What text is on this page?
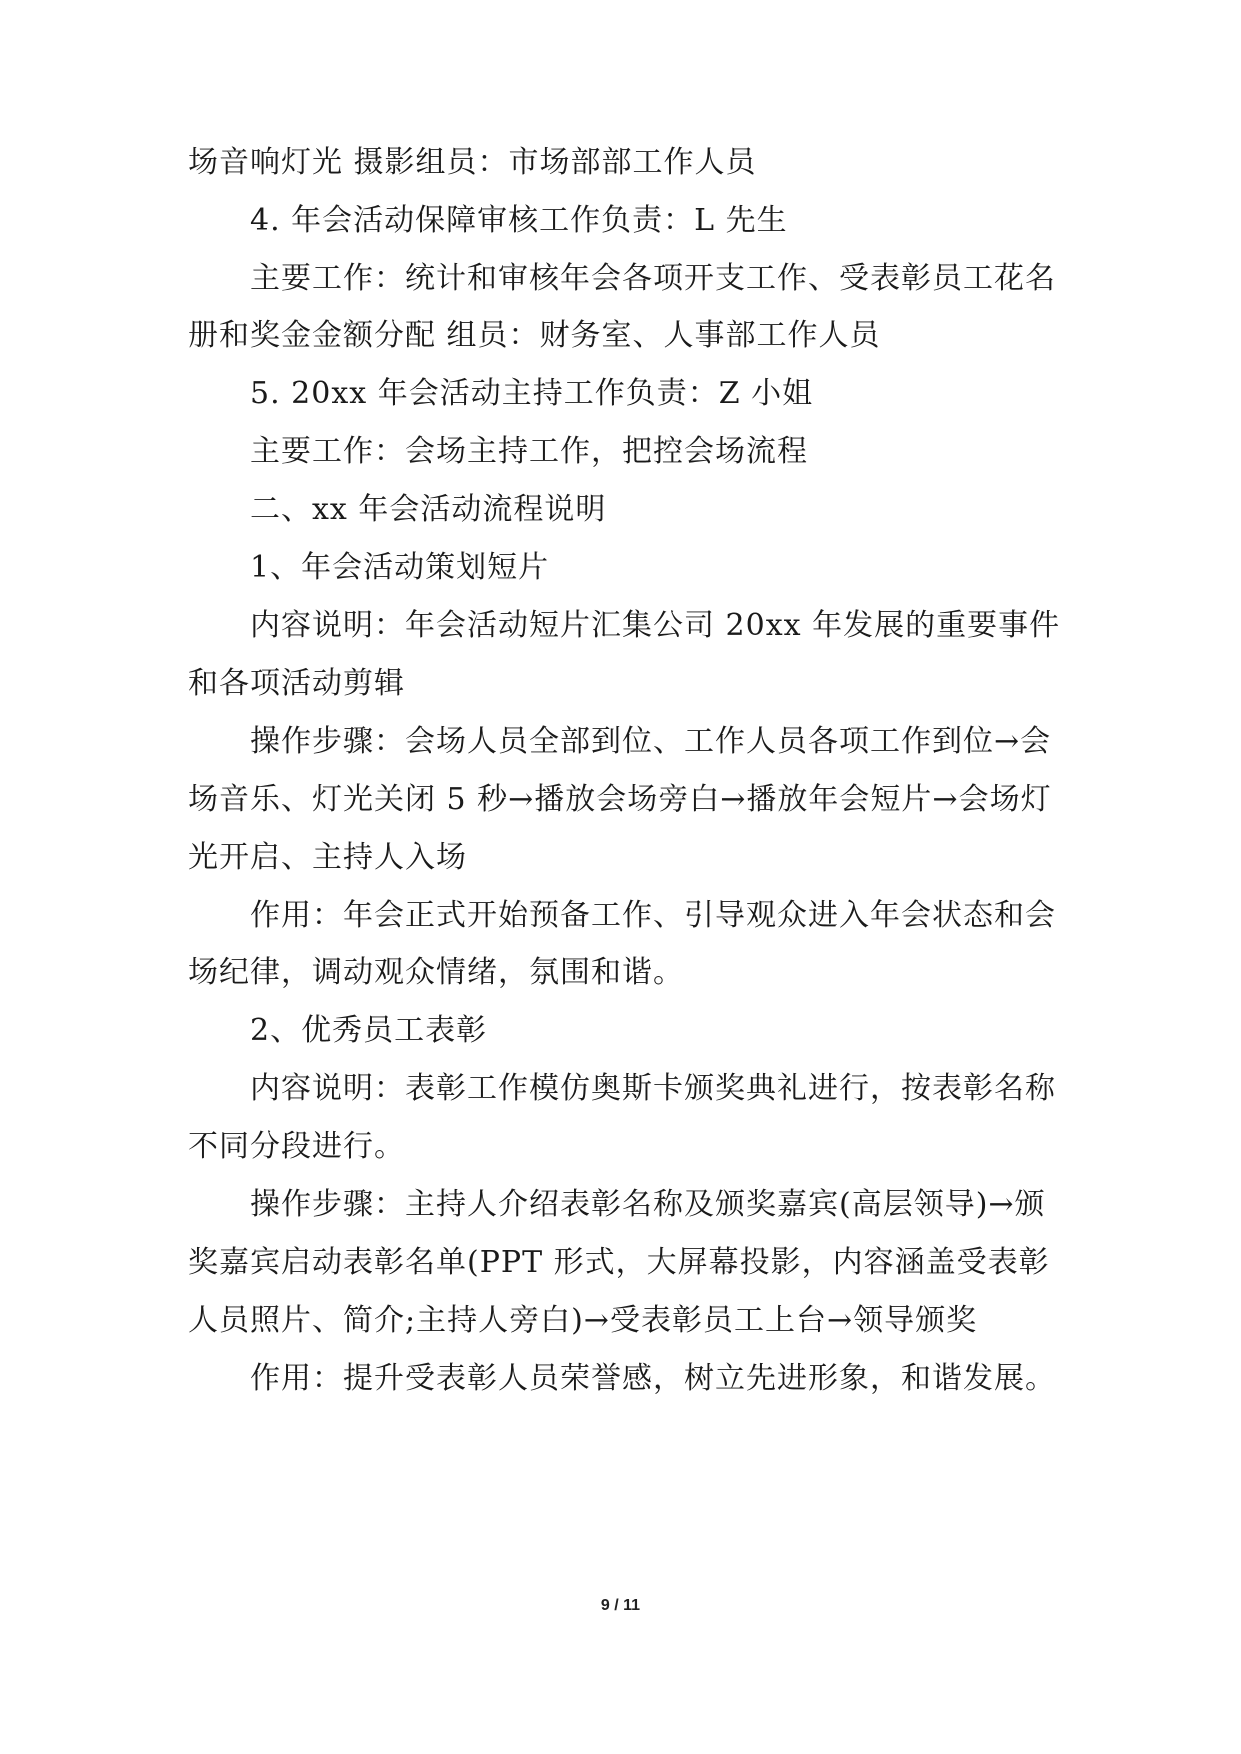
场音响灯光 摄影组员：市场部部工作人员
4. 年会活动保障审核工作负责：L 先生
主要工作：统计和审核年会各项开支工作、受表彰员工花名
册和奖金金额分配 组员：财务室、人事部工作人员
5. 20xx 年会活动主持工作负责：Z 小姐
主要工作：会场主持工作，把控会场流程
二、xx 年会活动流程说明
1、年会活动策划短片
内容说明：年会活动短片汇集公司 20xx 年发展的重要事件
和各项活动剪辑
操作步骤：会场人员全部到位、工作人员各项工作到位→会
场音乐、灯光关闭 5 秒→播放会场旁白→播放年会短片→会场灯
光开启、主持人入场
作用：年会正式开始预备工作、引导观众进入年会状态和会
场纪律，调动观众情绪，氛围和谐。
2、优秀员工表彰
内容说明：表彰工作模仿奥斯卡颁奖典礼进行，按表彰名称
不同分段进行。
操作步骤：主持人介绍表彰名称及颁奖嘉宾(高层领导)→颁
奖嘉宾启动表彰名单(PPT 形式，大屏幕投影，内容涵盖受表彰
人员照片、简介;主持人旁白)→受表彰员工上台→领导颁奖
作用：提升受表彰人员荣誉感，树立先进形象，和谐发展。
9 / 11
